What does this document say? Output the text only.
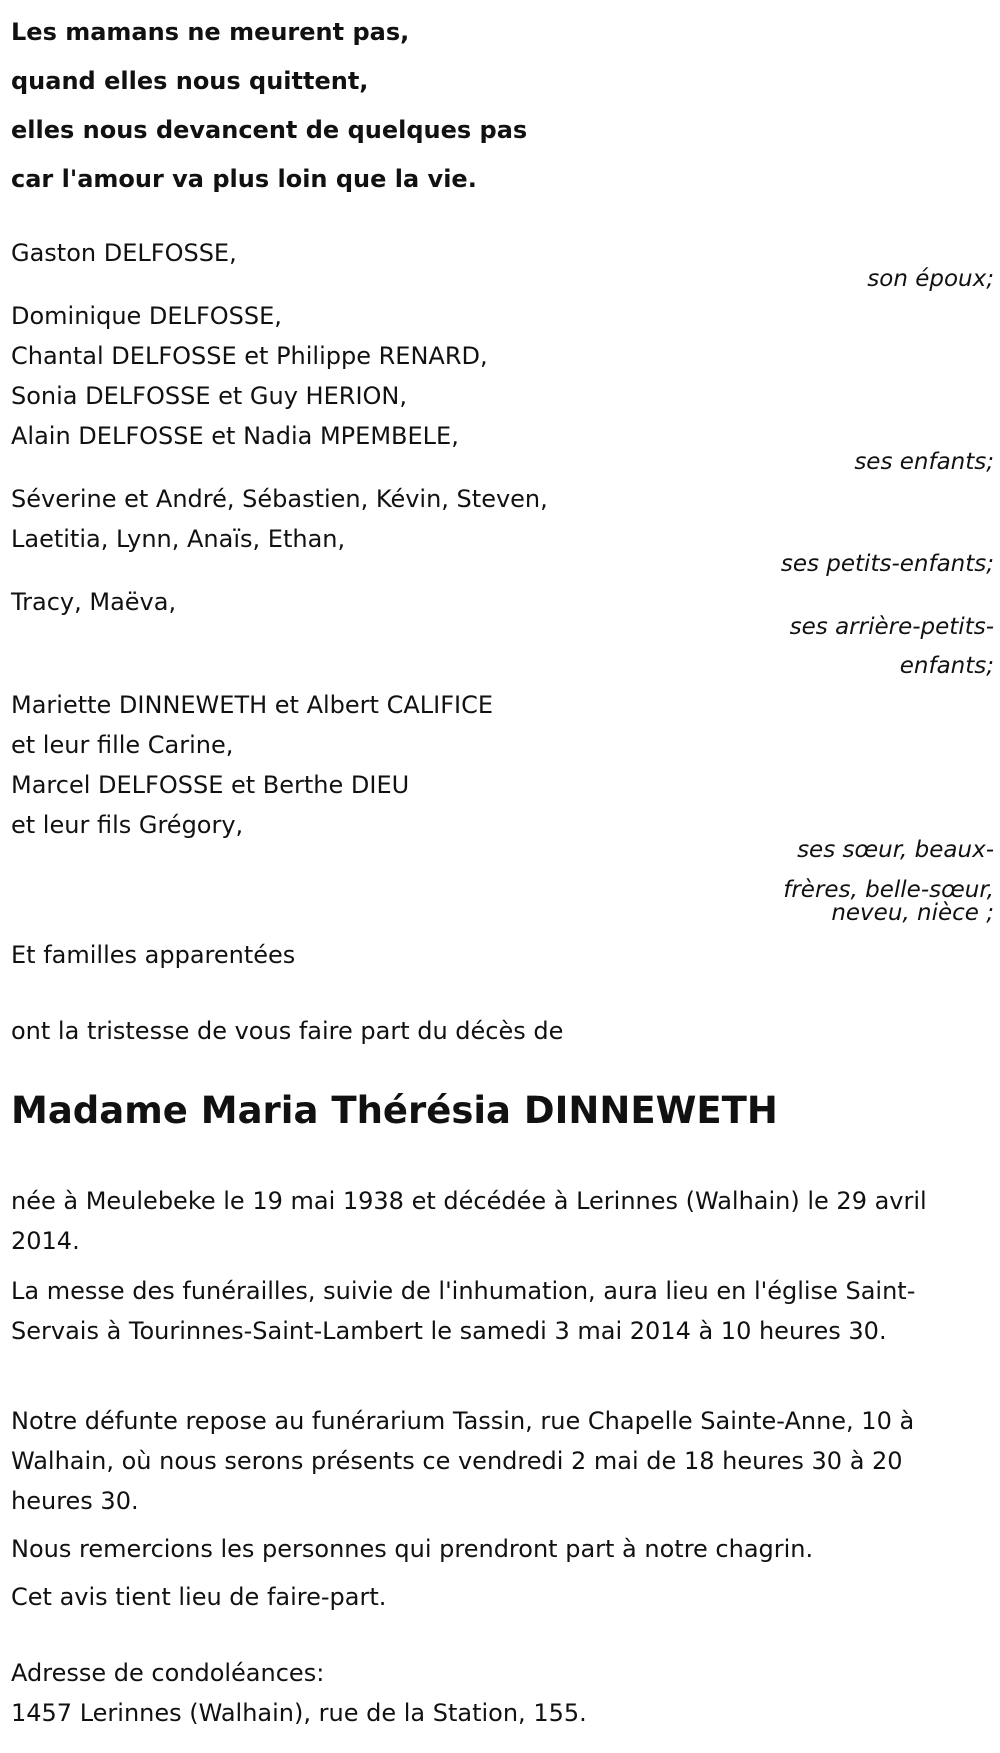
Les mamans ne meurent pas,
quand elles nous quittent,
elles nous devancent de quelques pas
car l'amour va plus loin que la vie.
Gaston DELFOSSE,
son époux;
Dominique DELFOSSE,
Chantal DELFOSSE et Philippe RENARD,
Sonia DELFOSSE et Guy HERION,
Alain DELFOSSE et Nadia MPEMBELE,
ses enfants;
Séverine et André, Sébastien, Kévin, Steven,
Laetitia, Lynn, Anaïs, Ethan,
ses petits-enfants;
Tracy, Maëva,
ses arrière-petits-
enfants;
Mariette DINNEWETH et Albert CALIFICE
et leur fille Carine,
Marcel DELFOSSE et Berthe DIEU
et leur fils Grégory,
ses sœur, beaux-
frères, belle-sœur,
neveu, nièce ;
Et familles apparentées
ont la tristesse de vous faire part du décès de
Madame Maria Thérésia DINNEWETH
née à Meulebeke le 19 mai 1938 et décédée à Lerinnes (Walhain) le 29 avril 2014.
La messe des funérailles, suivie de l'inhumation, aura lieu en l'église Saint-Servais à Tourinnes-Saint-Lambert le samedi 3 mai 2014 à 10 heures 30.
Notre défunte repose au funérarium Tassin, rue Chapelle Sainte-Anne, 10 à Walhain, où nous serons présents ce vendredi 2 mai de 18 heures 30 à 20 heures 30.
Nous remercions les personnes qui prendront part à notre chagrin.
Cet avis tient lieu de faire-part.
Adresse de condoléances:
1457 Lerinnes (Walhain), rue de la Station, 155.
